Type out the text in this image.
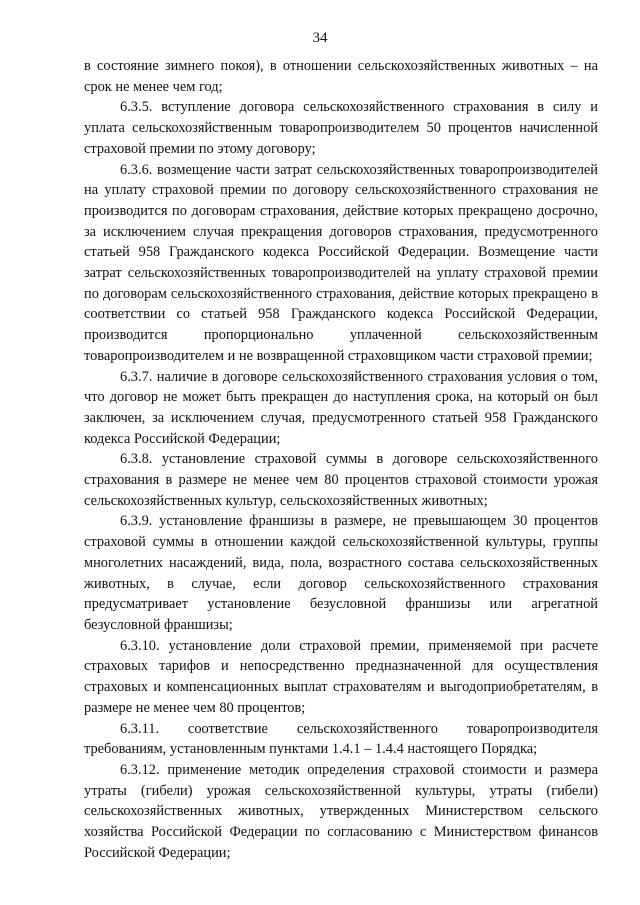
34

в состояние зимнего покоя), в отношении сельскохозяйственных животных – на срок не менее чем год;

6.3.5. вступление договора сельскохозяйственного страхования в силу и уплата сельскохозяйственным товаропроизводителем 50 процентов начисленной страховой премии по этому договору;

6.3.6. возмещение части затрат сельскохозяйственных товаропроизводителей на уплату страховой премии по договору сельскохозяйственного страхования не производится по договорам страхования, действие которых прекращено досрочно, за исключением случая прекращения договоров страхования, предусмотренного статьей 958 Гражданского кодекса Российской Федерации. Возмещение части затрат сельскохозяйственных товаропроизводителей на уплату страховой премии по договорам сельскохозяйственного страхования, действие которых прекращено в соответствии со статьей 958 Гражданского кодекса Российской Федерации, производится пропорционально уплаченной сельскохозяйственным товаропроизводителем и не возвращенной страховщиком части страховой премии;

6.3.7. наличие в договоре сельскохозяйственного страхования условия о том, что договор не может быть прекращен до наступления срока, на который он был заключен, за исключением случая, предусмотренного статьей 958 Гражданского кодекса Российской Федерации;

6.3.8. установление страховой суммы в договоре сельскохозяйственного страхования в размере не менее чем 80 процентов страховой стоимости урожая сельскохозяйственных культур, сельскохозяйственных животных;

6.3.9. установление франшизы в размере, не превышающем 30 процентов страховой суммы в отношении каждой сельскохозяйственной культуры, группы многолетних насаждений, вида, пола, возрастного состава сельскохозяйственных животных, в случае, если договор сельскохозяйственного страхования предусматривает установление безусловной франшизы или агрегатной безусловной франшизы;

6.3.10. установление доли страховой премии, применяемой при расчете страховых тарифов и непосредственно предназначенной для осуществления страховых и компенсационных выплат страхователям и выгодоприобретателям, в размере не менее чем 80 процентов;

6.3.11. соответствие сельскохозяйственного товаропроизводителя требованиям, установленным пунктами 1.4.1 – 1.4.4 настоящего Порядка;

6.3.12. применение методик определения страховой стоимости и размера утраты (гибели) урожая сельскохозяйственной культуры, утраты (гибели) сельскохозяйственных животных, утвержденных Министерством сельского хозяйства Российской Федерации по согласованию с Министерством финансов Российской Федерации;
